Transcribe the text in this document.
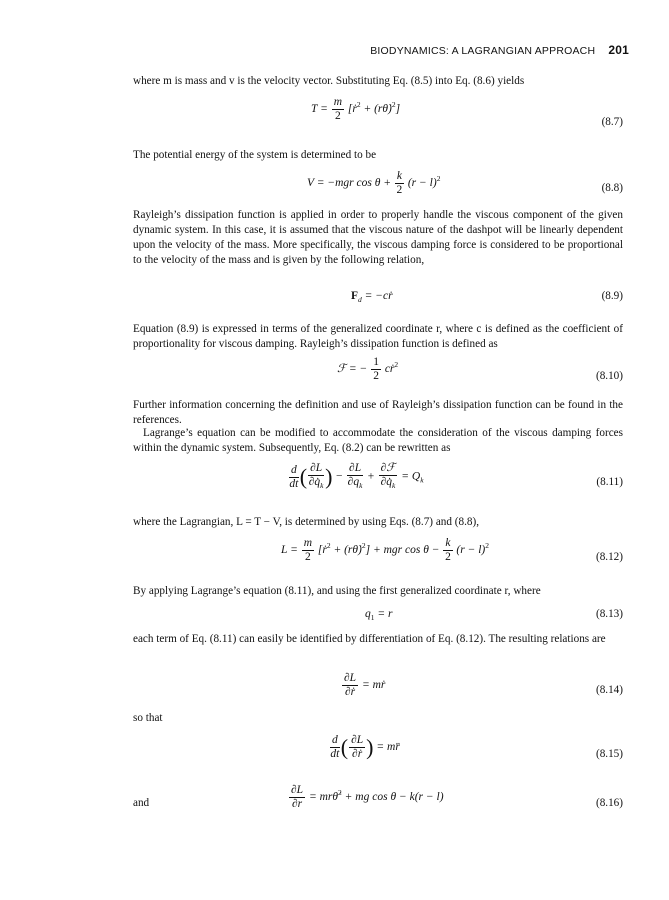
BIODYNAMICS: A LAGRANGIAN APPROACH 201
where m is mass and v is the velocity vector. Substituting Eq. (8.5) into Eq. (8.6) yields
$T = \frac{m}{2}$ [ṙ$^2$ + (rθ̇)$^2$]
(8.7)
The potential energy of the system is determined to be
V = −mgr $\cos \theta + \frac{k}{2} (r - l)^2$
(8.8)
Rayleigh’s dissipation function is applied in order to properly handle the viscous component of the given dynamic system. In this case, it is assumed that the viscous nature of the dashpot will be linearly dependent upon the velocity of the mass. More specifically, the viscous damping force is considered to be proportional to the velocity of the mass and is given by the following relation,
$F_d$ = −cṙ	(8.9)
Equation (8.9) is expressed in terms of the generalized coordinate r, where c is defined as the coefficient of proportionality for viscous damping. Rayleigh’s dissipation function is defined as
ℱ = − $\frac{1}{2}$ cṙ$^2$
(8.10)
Further information concerning the definition and use of Rayleigh’s dissipation function can be found in the references.
Lagrange’s equation can be modified to accommodate the consideration of the viscous damping forces within the dynamic system. Subsequently, Eq. (8.2) can be rewritten as
$\frac{d}{dt}$ ( $\frac{\partial L}{\partial q̇_k}$ ) − $\frac{\partial L}{\partial q_k} + \frac{\text{∂ℱ}}{\partial q̇_k} = Q_k$	(8.11)
where the Lagrangian, L = T − V, is determined by using Eqs. (8.7) and (8.8),
$L = \frac{m}{2}$ [ṙ$^2$ + (rθ̇)$^2$] + mgr $\cos \theta - \frac{k}{2} (r - l)^2$
(8.12)
By applying Lagrange’s equation (8.11), and using the first generalized coordinate r, where
$q_1 = r$	(8.13)
each term of Eq. (8.11) can easily be identified by differentiation of Eq. (8.12). The resulting relations are
$\frac{\partial L}{\text{∂ṙ}}$ = mṙ	(8.14)
so that
$\frac{d}{dt}$ ( $\frac{\partial L}{\text{∂ṙ}}$ ) = mr̈
(8.15)
and	$\frac{\partial L}{\partial r}$ = mrθ̇$^2$ + mg cos θ − k(r − l)	(8.16)
